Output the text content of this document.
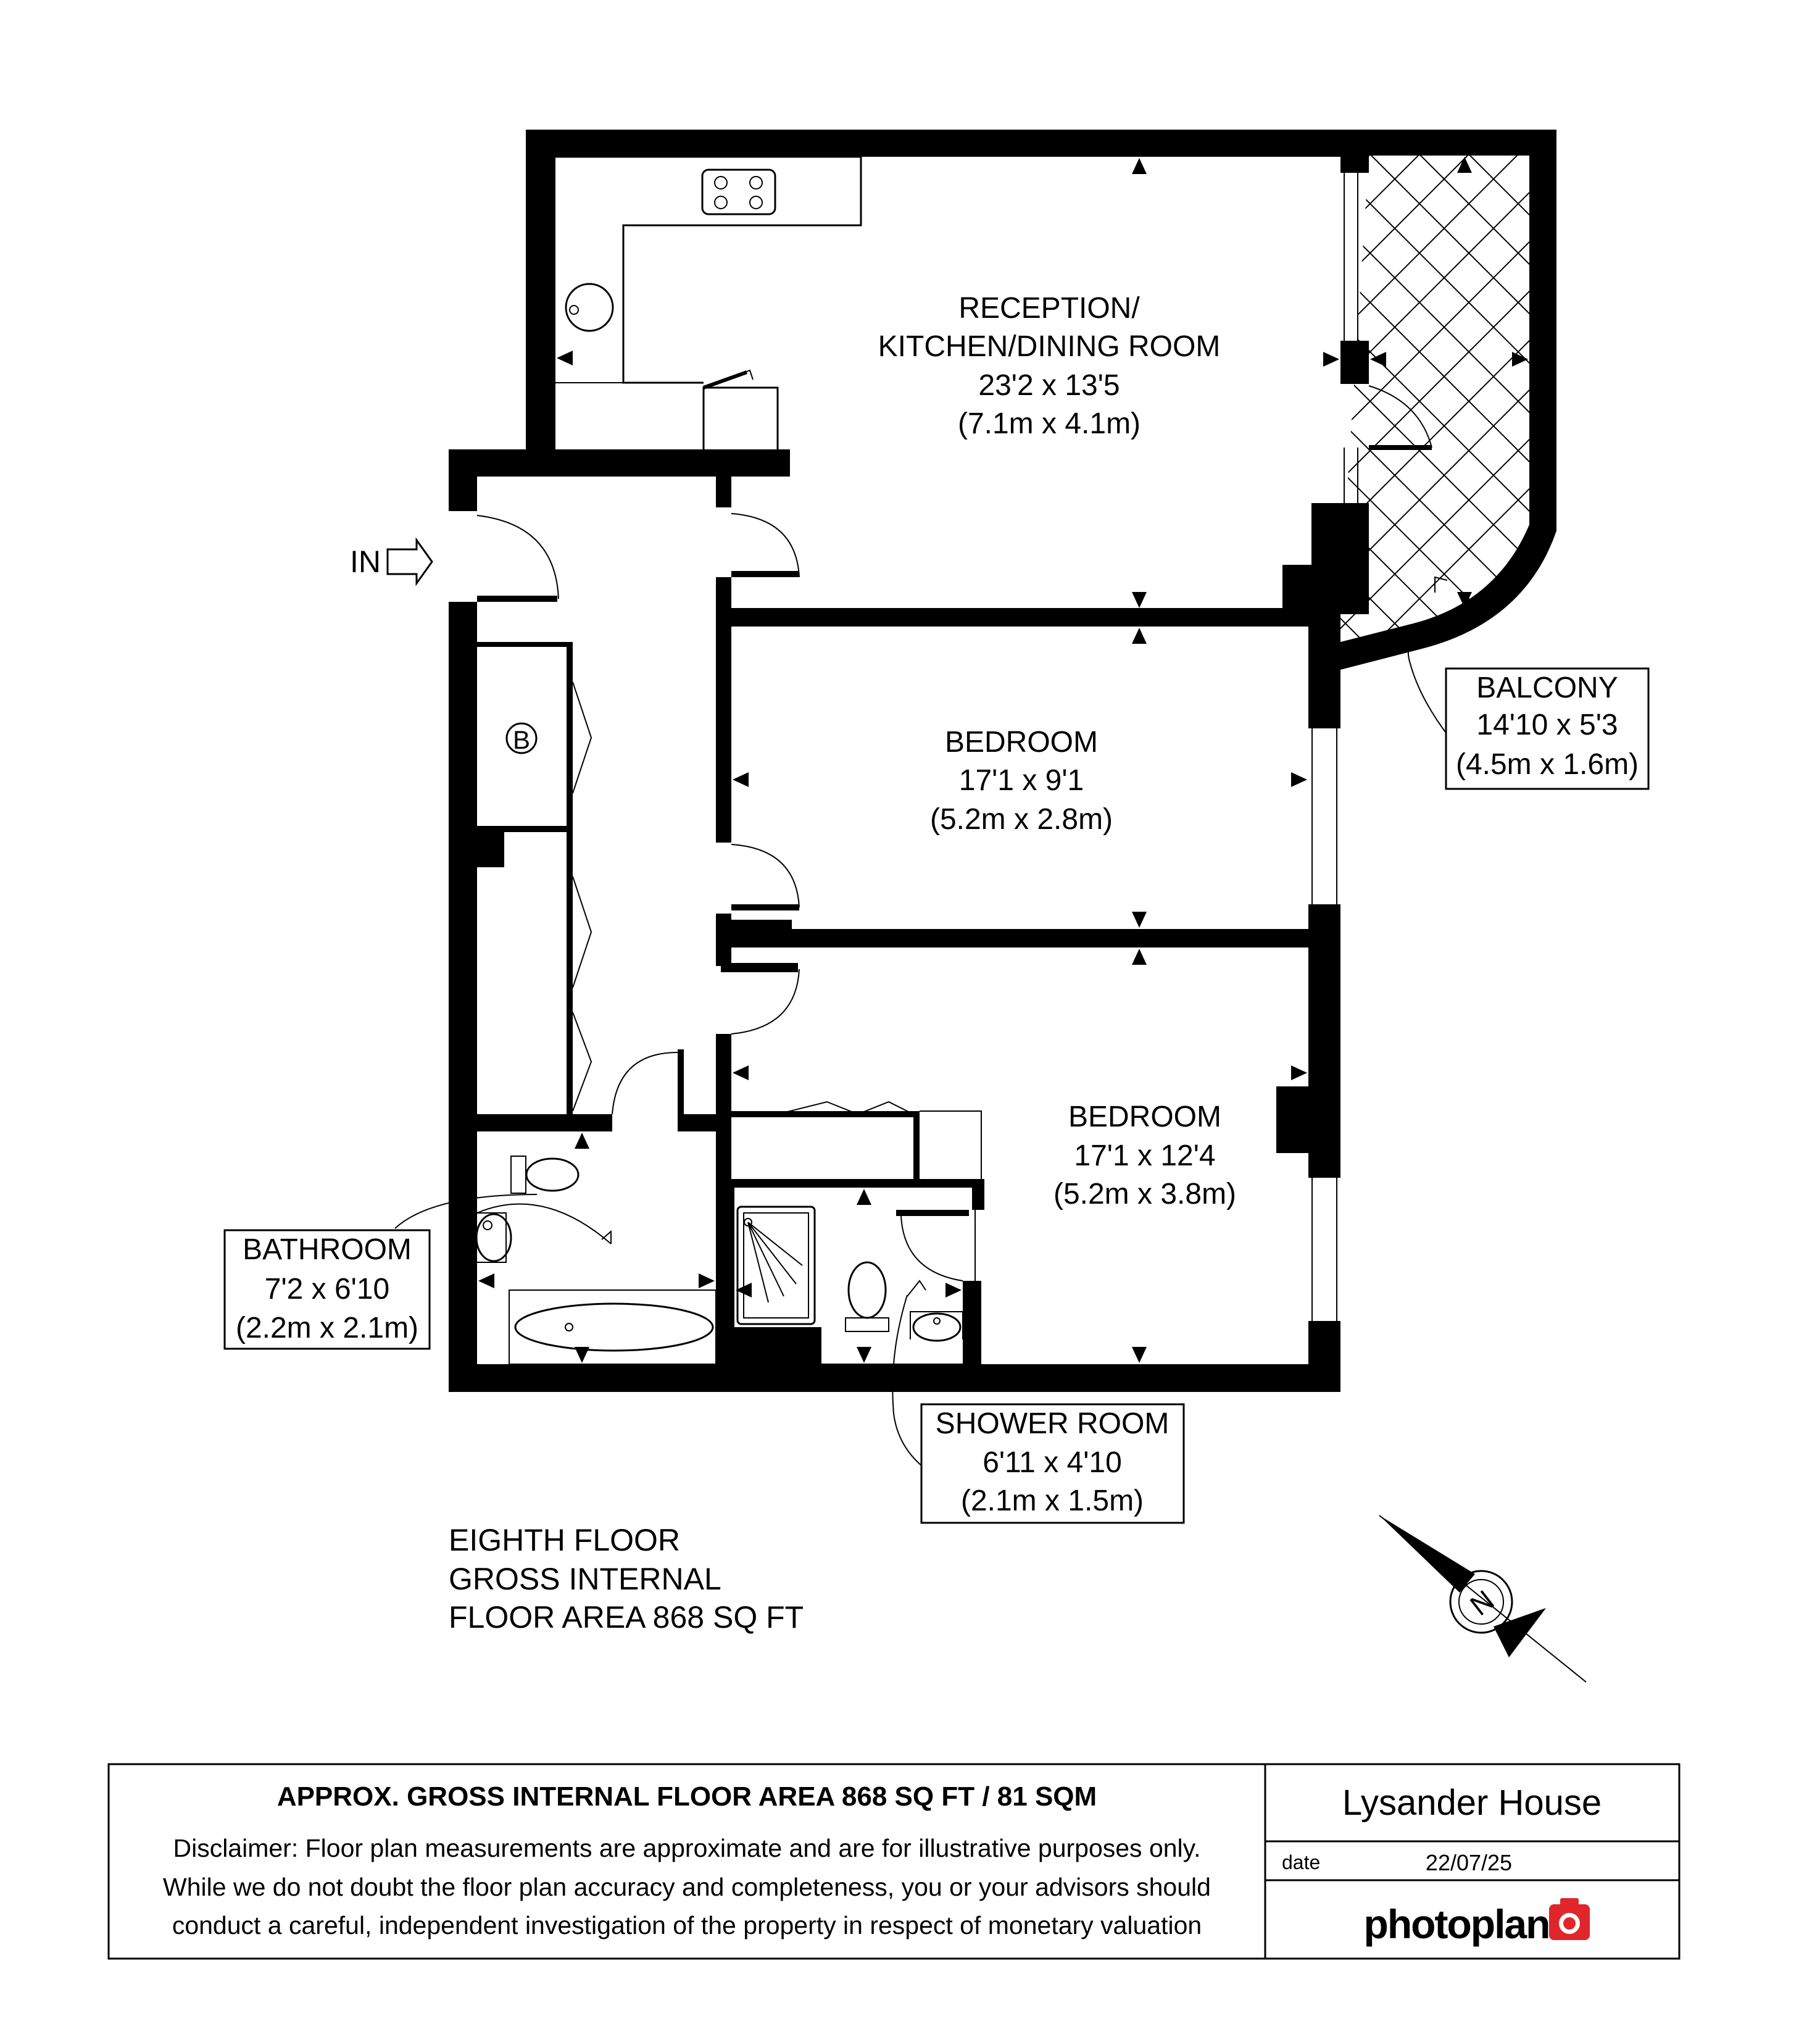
B
IN
RECEPTION/
KITCHEN/DINING ROOM
23'2 x 13'5
(7.1m x 4.1m)
BEDROOM
17'1 x 9'1
(5.2m x 2.8m)
BEDROOM
17'1 x 12'4
(5.2m x 3.8m)
BALCONY
14'10 x 5'3
(4.5m x 1.6m)
BATHROOM
7'2 x 6'10
(2.2m x 2.1m)
SHOWER ROOM
6'11 x 4'10
(2.1m x 1.5m)
EIGHTH FLOOR
GROSS INTERNAL
FLOOR AREA 868 SQ FT	N
APPROX. GROSS INTERNAL FLOOR AREA 868 SQ FT / 81 SQM
Disclaimer: Floor plan measurements are approximate and are for illustrative purposes only.
While we do not doubt the floor plan accuracy and completeness, you or your advisors should
conduct a careful, independent investigation of the property in respect of monetary valuation
Lysander House
date	22/07/25
photoplan
